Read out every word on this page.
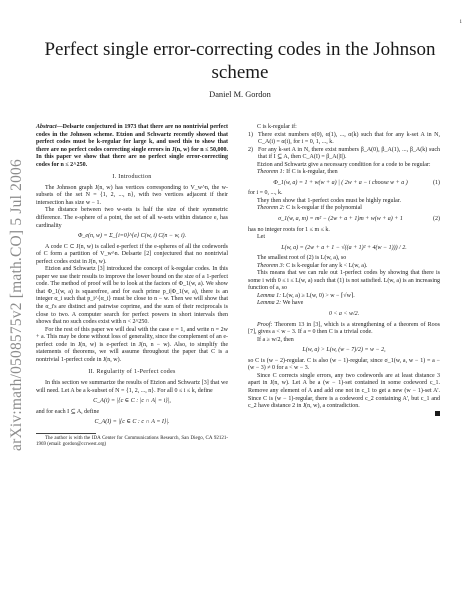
1
arXiv:math/0508575v2 [math.CO] 5 Jul 2006
Perfect single error-correcting codes in the Johnson scheme
Daniel M. Gordon

Abstract—Delsarte conjectured in 1973 that there are no nontrivial perfect codes in the Johnson scheme. Etzion and Schwartz recently showed that perfect codes must be k-regular for large k, and used this to show that there are no perfect codes correcting single errors in J(n, w) for n ≤ 50,000. In this paper we show that there are no perfect single error-correcting codes for n ≤ 2^250.

I. Introduction

The Johnson graph J(n, w) has vertices corresponding to V_w^n, the w-subsets of the set N = {1, 2, ..., n}, with two vertices adjacent if their intersection has size w − 1.

The distance between two w-sets is half the size of their symmetric difference. The e-sphere of a point, the set of all w-sets within distance e, has cardinality

Φ_e(n, w) = Σ_{i=0}^{e} C(w, i) C(n − w, i).

A code C ⊂ J(n, w) is called e-perfect if the e-spheres of all the codewords of C form a partition of V_w^n. Delsarte [2] conjectured that no nontrivial perfect codes exist in J(n, w).

Etzion and Schwartz [3] introduced the concept of k-regular codes. In this paper we use their results to improve the lower bound on the size of a 1-perfect code. The method of proof will be to look at the factors of Φ_1(w, a). We show that Φ_1(w, a) is squarefree, and for each prime p_i|Φ_1(w, a), there is an integer α_i such that p_i^{α_i} must be close to n − w. Then we will show that the α_i's are distinct and pairwise coprime, and the sum of their reciprocals is close to two. A computer search for perfect powers in short intervals then shows that no such codes exist with n < 2^250.

For the rest of this paper we will deal with the case e = 1, and write n = 2w + a. This may be done without loss of generality, since the complement of an e-perfect code in J(n, w) is e-perfect in J(n, n − w). Also, to simplify the statements of theorems, we will assume throughout the paper that C is a nontrivial 1-perfect code in J(n, w).

II. Regularity of 1-Perfect codes

In this section we summarize the results of Etzion and Schwartz [3] that we will need. Let A be a k-subset of N = {1, 2, ..., n}. For all 0 ≤ i ≤ k, define

C_A(i) = |{c ∈ C : |c ∩ A| = i}|,

and for each I ⊆ A, define

C_A(I) = |{c ∈ C : c ∩ A = I}|.

The author is with the IDA Center for Communications Research, San Diego, CA 92121-1969 (email: gordon@ccrwest.org)

C is k-regular if:

1) There exist numbers α(0), α(1), ..., α(k) such that for any k-set A in N, C_A(i) = α(i), for i = 0, 1, ..., k.
2) For any k-set A in N, there exist numbers β_A(0), β_A(1), ..., β_A(k) such that if I ⊆ A, then C_A(I) = β_A(|I|).

Etzion and Schwartz give a necessary condition for a code to be regular:

Theorem 1: If C is k-regular, then

Φ_1(w, a) = 1 + w(w + a) | ( 2w + a − i choose w + a )	(1)

for i = 0, ..., k.

They then show that 1-perfect codes must be highly regular.

Theorem 2: C is k-regular if the polynomial

σ_1(w, a, m) = m² − (2w + a + 1)m + w(w + a) + 1	(2)

has no integer roots for 1 ≤ m ≤ k.

Let

L(w, a) = (2w + a + 1 − √((a + 1)² + 4(w − 1))) / 2.

The smallest root of (2) is L(w, a), so

Theorem 3: C is k-regular for any k < L(w, a).

This means that we can rule out 1-perfect codes by showing that there is some i with 0 ≤ i ≤ L(w, a) such that (1) is not satisfied. L(w, a) is an increasing function of a, so

Lemma 1: L(w, a) ≥ L(w, 0) > w − ⌈√w⌉.

Lemma 2: We have

0 < a < w/2.

Proof: Theorem 13 in [3], which is a strengthening of a theorem of Roos [7], gives a < w − 3. If a = 0 then C is a trivial code.

If a ≥ w/2, then

L(w, a) > L(w, (w − 7)/2) = w − 2,

so C is (w − 2)-regular. C is also (w − 1)-regular, since σ_1(w, a, w − 1) = a − (w − 3) ≠ 0 for a < w − 3.

Since C corrects single errors, any two codewords are at least distance 3 apart in J(n, w). Let A be a (w − 1)-set contained in some codeword c_1. Remove any element of A and add one not in c_1 to get a new (w − 1)-set A'. Since C is (w − 1)-regular, there is a codeword c_2 containing A', but c_1 and c_2 have distance 2 in J(n, w), a contradiction.
